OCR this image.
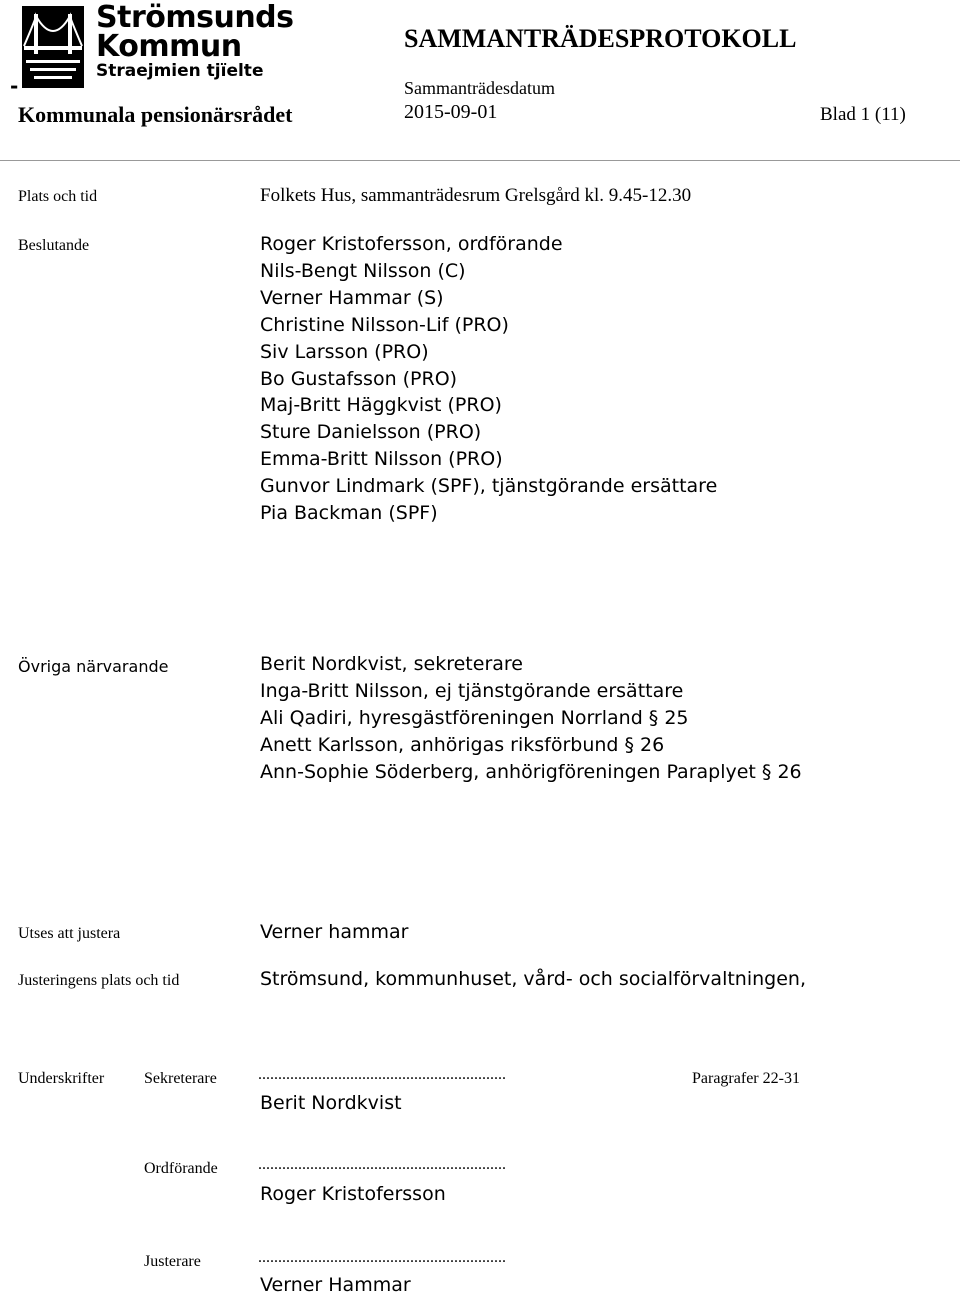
Strömsunds
Kommun
Straejmien tjïelte
-
SAMMANTRÄDESPROTOKOLL
Sammanträdesdatum
2015-09-01
Kommunala pensionärsrådet	Blad 1 (11)
Plats och tid	Folkets Hus, sammanträdesrum Grelsgård kl. 9.45-12.30
Beslutande	Roger Kristofersson, ordförande
Nils-Bengt Nilsson (C)
Verner Hammar (S)
Christine Nilsson-Lif (PRO)
Siv Larsson (PRO)
Bo Gustafsson (PRO)
Maj-Britt Häggkvist (PRO)
Sture Danielsson (PRO)
Emma-Britt Nilsson (PRO)
Gunvor Lindmark (SPF), tjänstgörande ersättare
Pia Backman (SPF)
Övriga närvarande	Berit Nordkvist, sekreterare
Inga-Britt Nilsson, ej tjänstgörande ersättare
Ali Qadiri, hyresgästföreningen Norrland § 25
Anett Karlsson, anhörigas riksförbund § 26
Ann-Sophie Söderberg, anhörigföreningen Paraplyet § 26
Utses att justera	Verner hammar
Justeringens plats och tid	Strömsund, kommunhuset, vård- och socialförvaltningen,
Underskrifter Sekreterare	..............................................................	Paragrafer 22-31
Berit Nordkvist
Ordförande	..............................................................
Roger Kristofersson
Justerare	..............................................................
Verner Hammar
